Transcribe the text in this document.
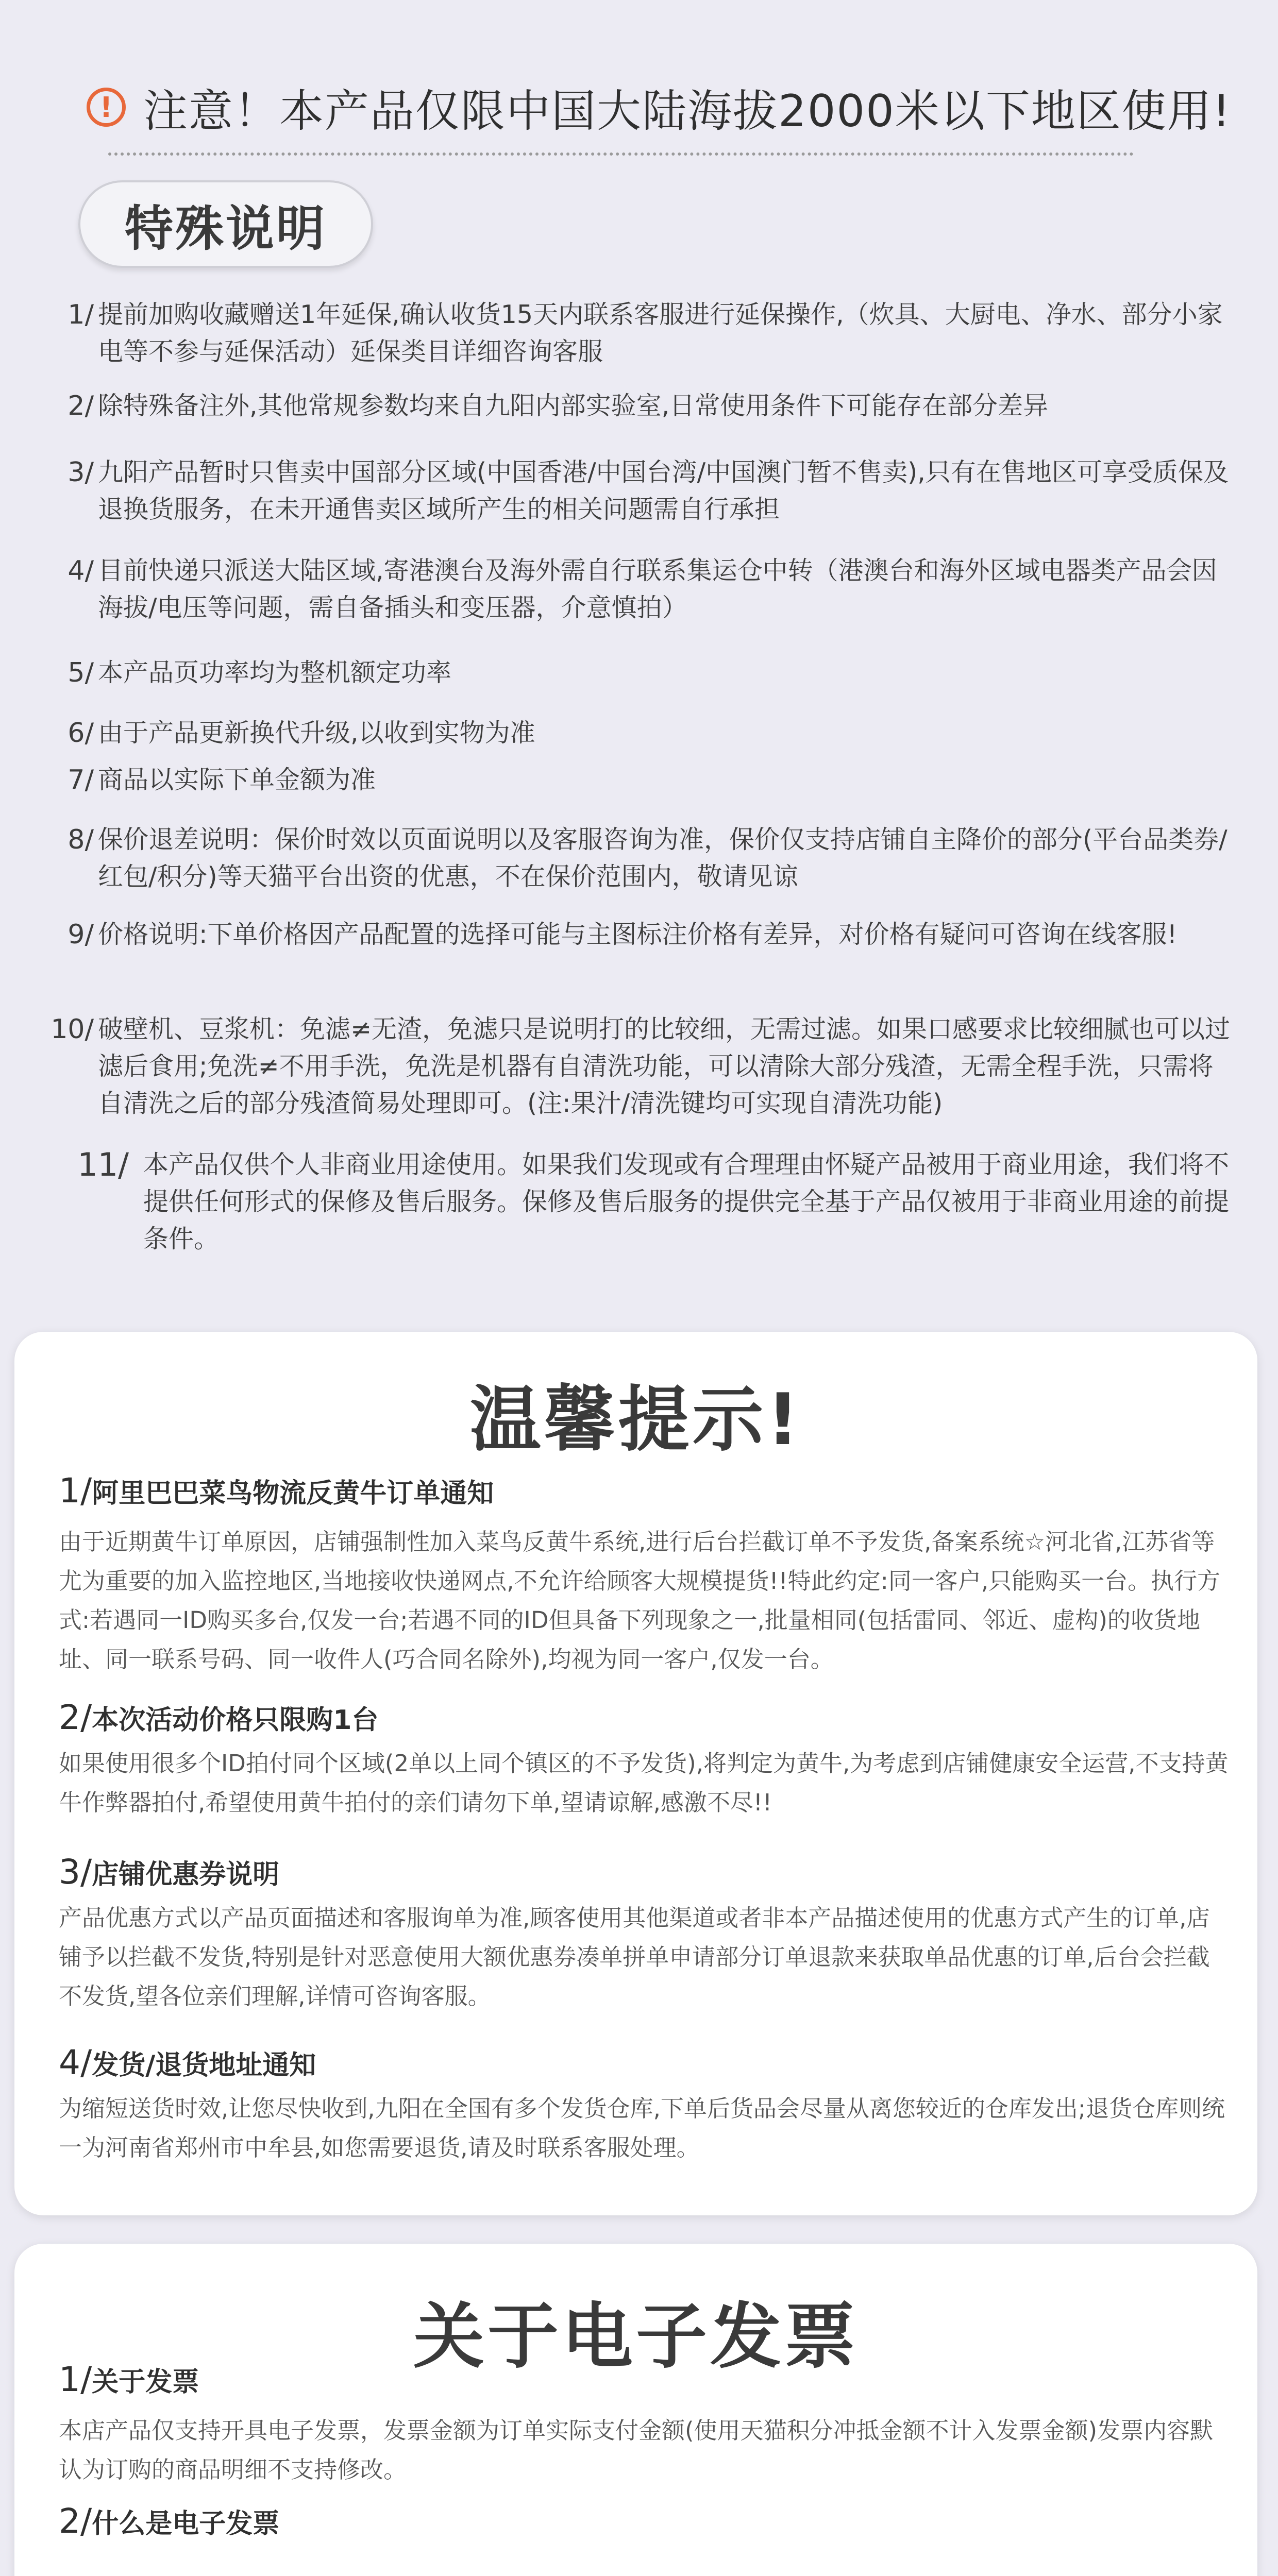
! 注意！本产品仅限中国大陆海拔2000米以下地区使用!
特殊说明
1/ 提前加购收藏赠送1年延保,确认收货15天内联系客服进行延保操作,（炊具、大厨电、净水、部分小家电等不参与延保活动）延保类目详细咨询客服
2/ 除特殊备注外,其他常规参数均来自九阳内部实验室,日常使用条件下可能存在部分差异
3/ 九阳产品暂时只售卖中国部分区域(中国香港/中国台湾/中国澳门暂不售卖),只有在售地区可享受质保及退换货服务，在未开通售卖区域所产生的相关问题需自行承担
4/ 目前快递只派送大陆区域,寄港澳台及海外需自行联系集运仓中转（港澳台和海外区域电器类产品会因海拔/电压等问题，需自备插头和变压器，介意慎拍）
5/ 本产品页功率均为整机额定功率
6/ 由于产品更新换代升级,以收到实物为准
7/ 商品以实际下单金额为准
8/ 保价退差说明：保价时效以页面说明以及客服咨询为准，保价仅支持店铺自主降价的部分(平台品类券/红包/积分)等天猫平台出资的优惠，不在保价范围内，敬请见谅
9/ 价格说明:下单价格因产品配置的选择可能与主图标注价格有差异，对价格有疑问可咨询在线客服!
10/ 破壁机、豆浆机：免滤≠无渣，免滤只是说明打的比较细，无需过滤。如果口感要求比较细腻也可以过滤后食用;免洗≠不用手洗，免洗是机器有自清洗功能，可以清除大部分残渣，无需全程手洗，只需将自清洗之后的部分残渣简易处理即可。(注:果汁/清洗键均可实现自清洗功能)
11/ 本产品仅供个人非商业用途使用。如果我们发现或有合理理由怀疑产品被用于商业用途，我们将不提供任何形式的保修及售后服务。保修及售后服务的提供完全基于产品仅被用于非商业用途的前提条件。
温馨提示!
1/阿里巴巴菜鸟物流反黄牛订单通知
由于近期黄牛订单原因，店铺强制性加入菜鸟反黄牛系统,进行后台拦截订单不予发货,备案系统☆河北省,江苏省等尤为重要的加入监控地区,当地接收快递网点,不允许给顾客大规模提货!!特此约定:同一客户,只能购买一台。执行方式:若遇同一ID购买多台,仅发一台;若遇不同的ID但具备下列现象之一,批量相同(包括雷同、邻近、虚构)的收货地址、同一联系号码、同一收件人(巧合同名除外),均视为同一客户,仅发一台。
2/本次活动价格只限购1台
如果使用很多个ID拍付同个区域(2单以上同个镇区的不予发货),将判定为黄牛,为考虑到店铺健康安全运营,不支持黄牛作弊器拍付,希望使用黄牛拍付的亲们请勿下单,望请谅解,感激不尽!!
3/店铺优惠券说明
产品优惠方式以产品页面描述和客服询单为准,顾客使用其他渠道或者非本产品描述使用的优惠方式产生的订单,店铺予以拦截不发货,特别是针对恶意使用大额优惠券凑单拼单申请部分订单退款来获取单品优惠的订单,后台会拦截不发货,望各位亲们理解,详情可咨询客服。
4/发货/退货地址通知
为缩短送货时效,让您尽快收到,九阳在全国有多个发货仓库,下单后货品会尽量从离您较近的仓库发出;退货仓库则统一为河南省郑州市中牟县,如您需要退货,请及时联系客服处理。
关于电子发票
1/关于发票
本店产品仅支持开具电子发票，发票金额为订单实际支付金额(使用天猫积分冲抵金额不计入发票金额)发票内容默认为订购的商品明细不支持修改。
2/什么是电子发票
